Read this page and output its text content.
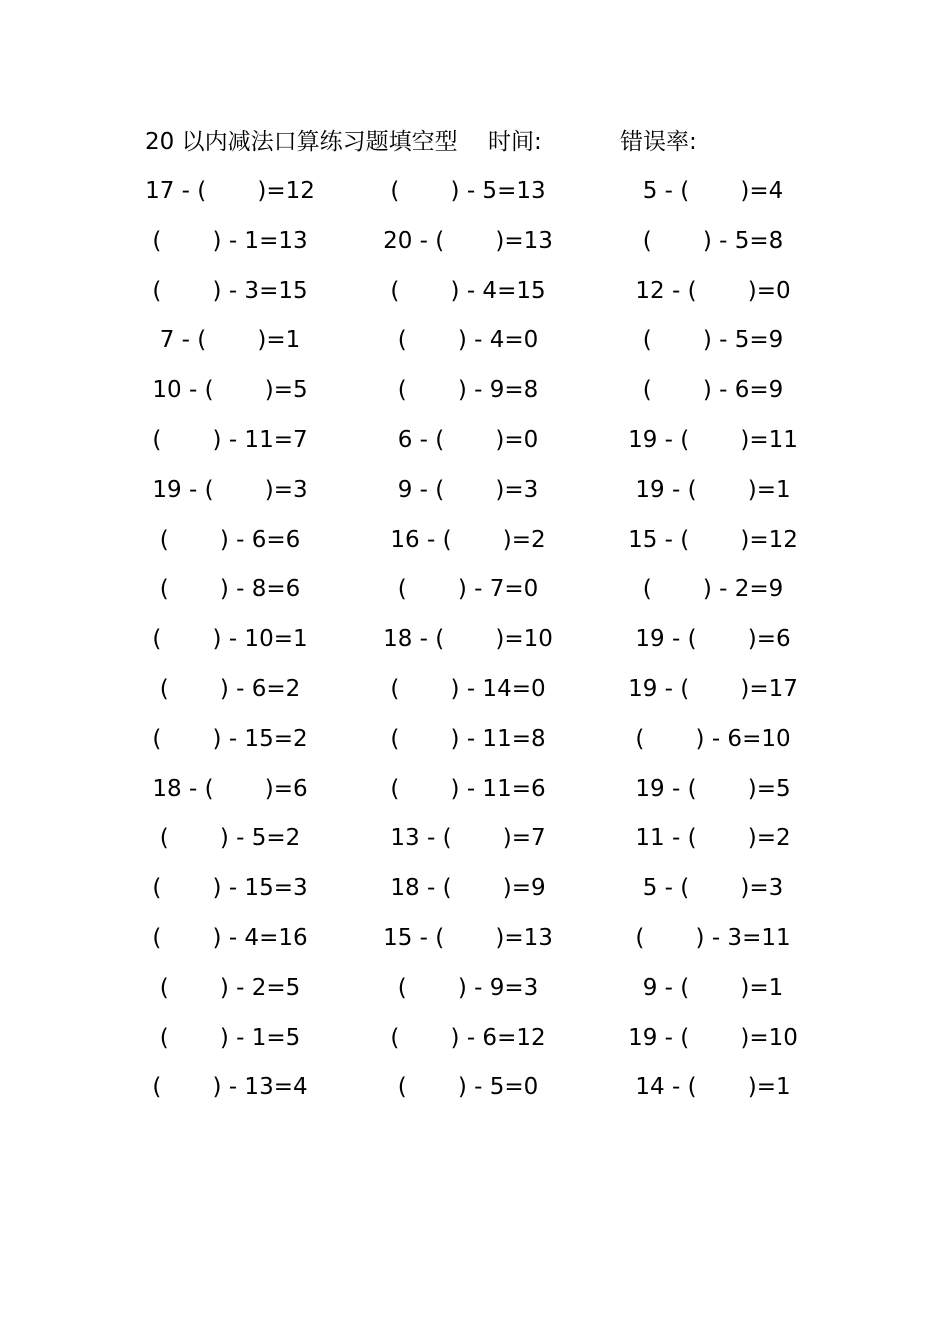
20 以内减法口算练习题填空型 时间:	错误率:
17 - (       )=12	(       ) - 5=13	5 - (       )=4
(       ) - 1=13	20 - (       )=13	(       ) - 5=8
(       ) - 3=15	(       ) - 4=15	12 - (       )=0
7 - (       )=1	(       ) - 4=0	(       ) - 5=9
10 - (       )=5	(       ) - 9=8	(       ) - 6=9
(       ) - 11=7	6 - (       )=0	19 - (       )=11
19 - (       )=3	9 - (       )=3	19 - (       )=1
(       ) - 6=6	16 - (       )=2	15 - (       )=12
(       ) - 8=6	(       ) - 7=0	(       ) - 2=9
(       ) - 10=1	18 - (       )=10	19 - (       )=6
(       ) - 6=2	(       ) - 14=0	19 - (       )=17
(       ) - 15=2	(       ) - 11=8	(       ) - 6=10
18 - (       )=6	(       ) - 11=6	19 - (       )=5
(       ) - 5=2	13 - (       )=7	11 - (       )=2
(       ) - 15=3	18 - (       )=9	5 - (       )=3
(       ) - 4=16	15 - (       )=13	(       ) - 3=11
(       ) - 2=5	(       ) - 9=3	9 - (       )=1
(       ) - 1=5	(       ) - 6=12	19 - (       )=10
(       ) - 13=4	(       ) - 5=0	14 - (       )=1
